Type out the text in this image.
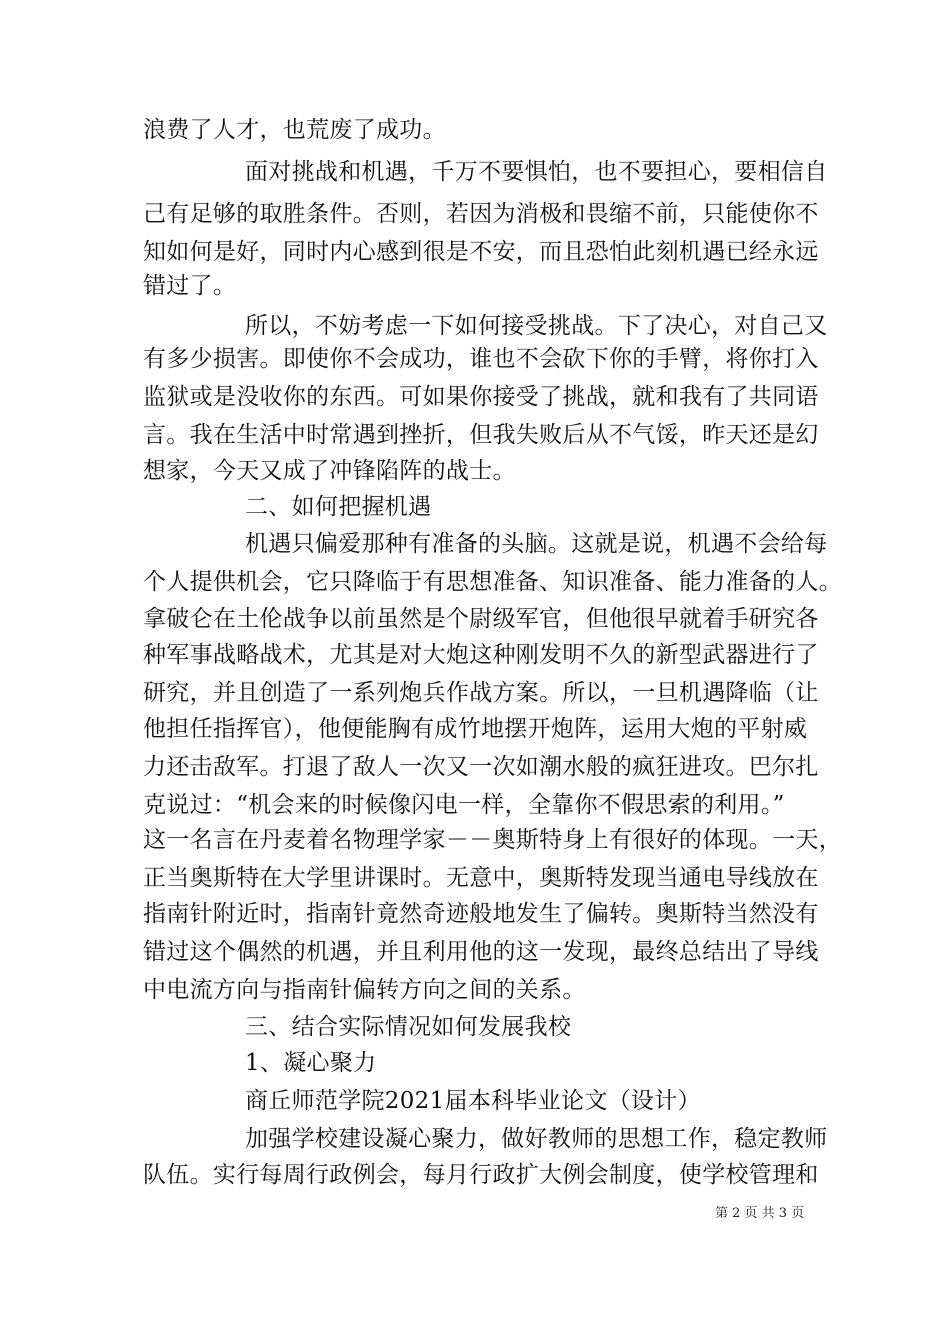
浪费了人才，也荒废了成功。
面对挑战和机遇，千万不要惧怕，也不要担心，要相信自
己有足够的取胜条件。否则，若因为消极和畏缩不前，只能使你不
知如何是好，同时内心感到很是不安，而且恐怕此刻机遇已经永远
错过了。
所以，不妨考虑一下如何接受挑战。下了决心，对自己又
有多少损害。即使你不会成功，谁也不会砍下你的手臂，将你打入
监狱或是没收你的东西。可如果你接受了挑战，就和我有了共同语
言。我在生活中时常遇到挫折，但我失败后从不气馁，昨天还是幻
想家，今天又成了冲锋陷阵的战士。
二、如何把握机遇
机遇只偏爱那种有准备的头脑。这就是说，机遇不会给每
个人提供机会，它只降临于有思想准备、知识准备、能力准备的人。
拿破仑在土伦战争以前虽然是个尉级军官，但他很早就着手研究各
种军事战略战术，尤其是对大炮这种刚发明不久的新型武器进行了
研究，并且创造了一系列炮兵作战方案。所以，一旦机遇降临（让
他担任指挥官），他便能胸有成竹地摆开炮阵，运用大炮的平射威
力还击敌军。打退了敌人一次又一次如潮水般的疯狂进攻。巴尔扎
克说过：“机会来的时候像闪电一样，全靠你不假思索的利用。”
这一名言在丹麦着名物理学家－－奥斯特身上有很好的体现。一天，
正当奥斯特在大学里讲课时。无意中，奥斯特发现当通电导线放在
指南针附近时，指南针竟然奇迹般地发生了偏转。奥斯特当然没有
错过这个偶然的机遇，并且利用他的这一发现，最终总结出了导线
中电流方向与指南针偏转方向之间的关系。
三、结合实际情况如何发展我校
1、凝心聚力
商丘师范学院2021届本科毕业论文（设计）
加强学校建设凝心聚力，做好教师的思想工作，稳定教师
队伍。实行每周行政例会，每月行政扩大例会制度，使学校管理和
第 2 页 共 3 页
